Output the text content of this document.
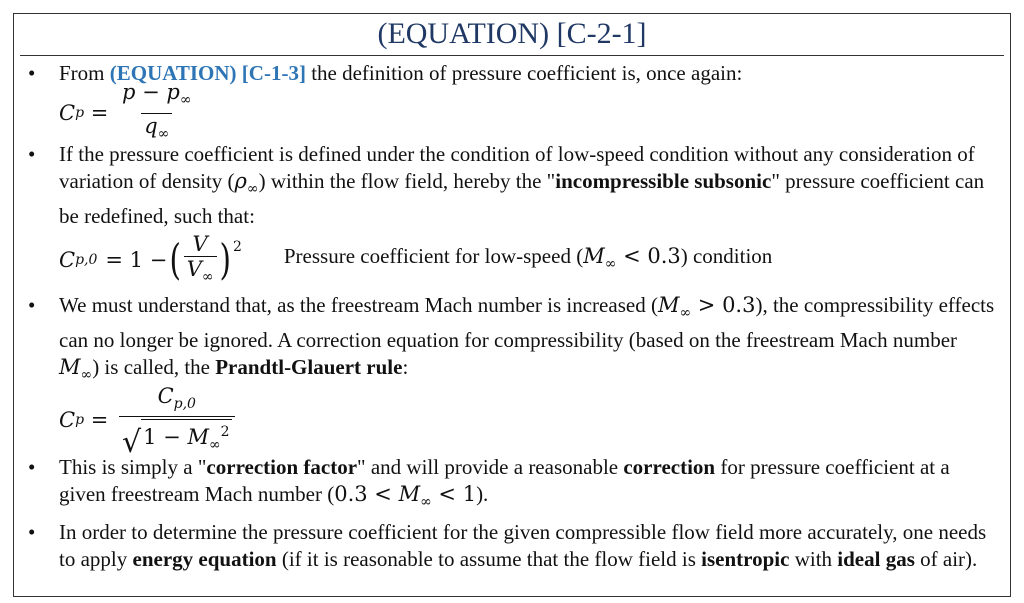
(EQUATION) [C-2-1]
• From (EQUATION) [C-1-3] the definition of pressure coefficient is, once again:
C $p = \frac{p - p_\infty}{q_\infty}$
• If the pressure coefficient is defined under the condition of low-speed condition without any consideration of variation of density $(\rho_\infty)$ within the flow field, hereby the "incompressible subsonic" pressure coefficient can be redefined, such that:
C p,0 = 1 − ( $\frac{V}{V_\infty} )^2$ Pressure coefficient for low-speed $(M_\infty < 0.3)$ condition
• We must understand that, as the freestream Mach number is increased $(M_\infty > 0.3)$, the compressibility effects can no longer be ignored. A correction equation for compressibility (based on the freestream Mach number $M_\infty$) is called, the Prandtl-Glauert rule:
C $p = \frac{C_{p,0}}{√ 1 - M_\infty^2}$
• This is simply a "correction factor" and will provide a reasonable correction for pressure coefficient at a given freestream Mach number $(0.3 < M_\infty < 1)$.
• In order to determine the pressure coefficient for the given compressible flow field more accurately, one needs to apply energy equation (if it is reasonable to assume that the flow field is isentropic with ideal gas of air).
